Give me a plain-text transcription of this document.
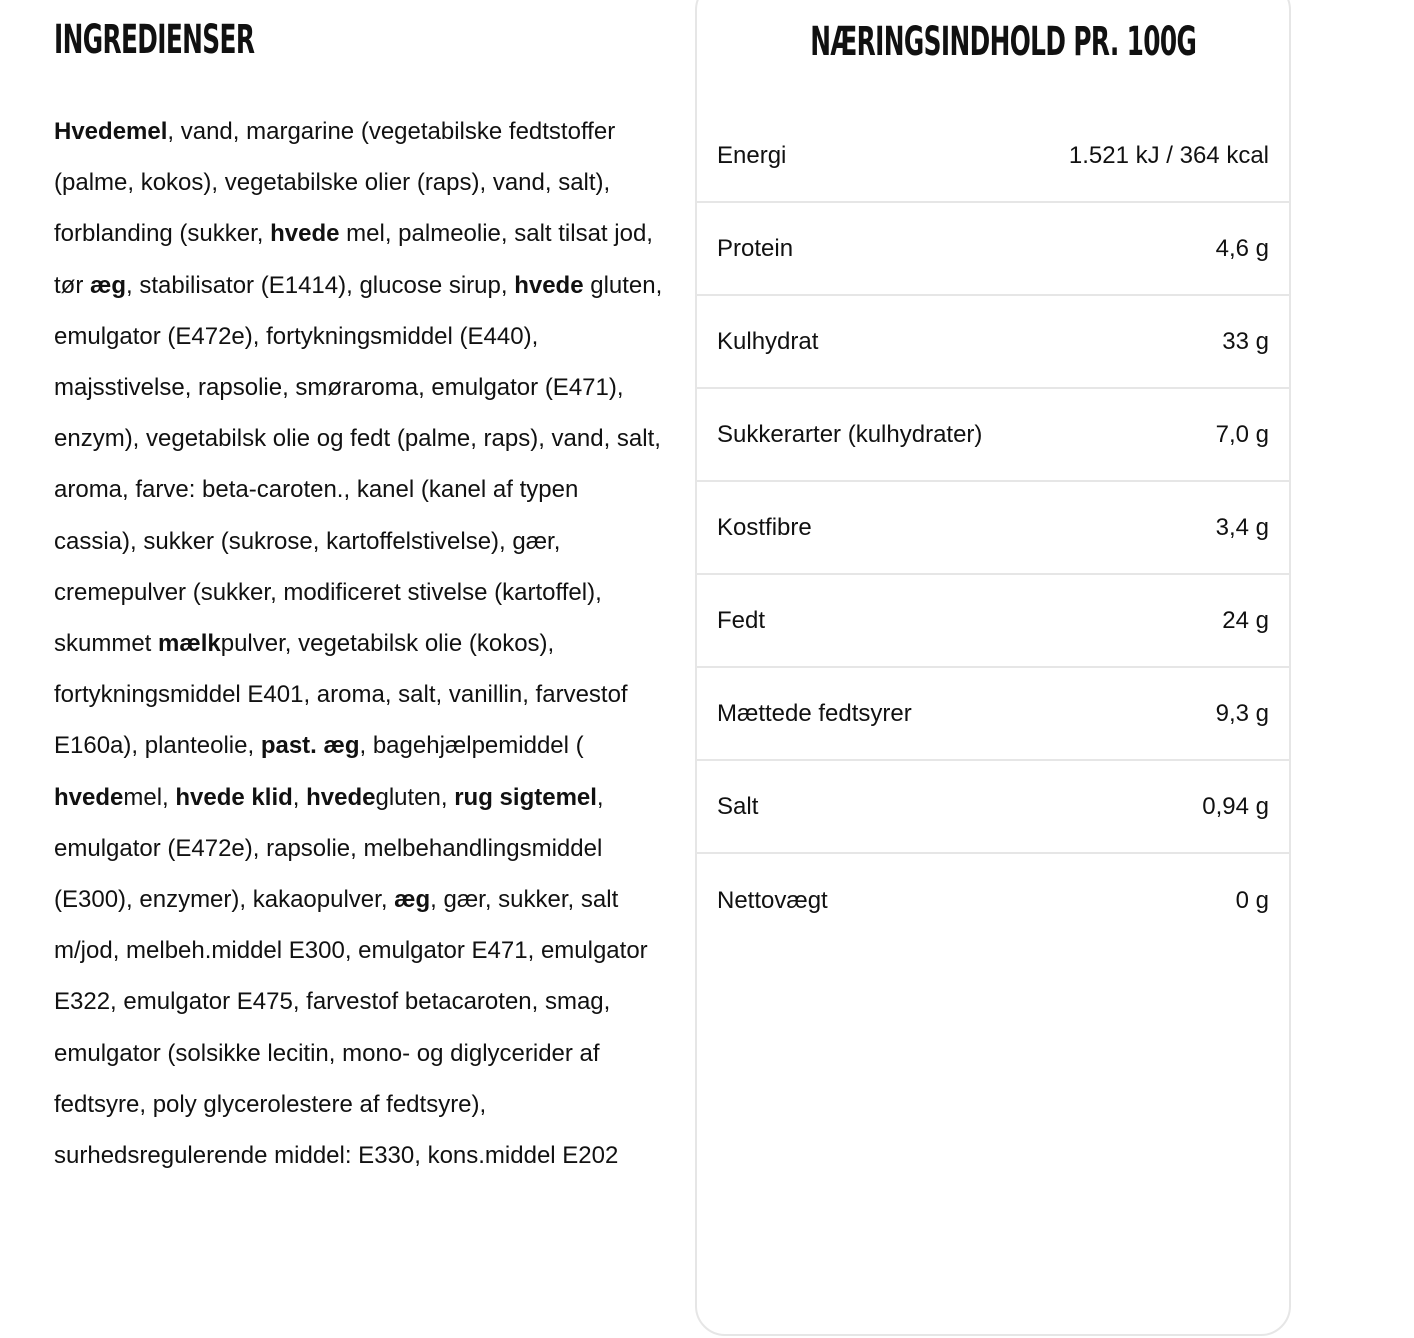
INGREDIENSER

Hvedemel, vand, margarine (vegetabilske fedtstoffer (palme, kokos), vegetabilske olier (raps), vand, salt), forblanding (sukker, hvede mel, palmeolie, salt tilsat jod, tør æg, stabilisator (E1414), glucose sirup, hvede gluten, emulgator (E472e), fortykningsmiddel (E440), majsstivelse, rapsolie, smøraroma, emulgator (E471), enzym), vegetabilsk olie og fedt (palme, raps), vand, salt, aroma, farve: beta-caroten., kanel (kanel af typen cassia), sukker (sukrose, kartoffelstivelse), gær, cremepulver (sukker, modificeret stivelse (kartoffel), skummet mælkpulver, vegetabilsk olie (kokos), fortykningsmiddel E401, aroma, salt, vanillin, farvestof E160a), planteolie, past. æg, bagehjælpemiddel ( hvedemel, hvede klid, hvedegluten, rug sigtemel, emulgator (E472e), rapsolie, melbehandlingsmiddel (E300), enzymer), kakaopulver, æg, gær, sukker, salt m/jod, melbeh.middel E300, emulgator E471, emulgator E322, emulgator E475, farvestof betacaroten, smag, emulgator (solsikke lecitin, mono- og diglycerider af fedtsyre, poly glycerolestere af fedtsyre), surhedsregulerende middel: E330, kons.middel E202

NÆRINGSINDHOLD PR. 100G
Energi	1.521 kJ / 364 kcal
Protein	4,6 g
Kulhydrat	33 g
Sukkerarter (kulhydrater)	7,0 g
Kostfibre	3,4 g
Fedt	24 g
Mættede fedtsyrer	9,3 g
Salt	0,94 g
Nettovægt	0 g
